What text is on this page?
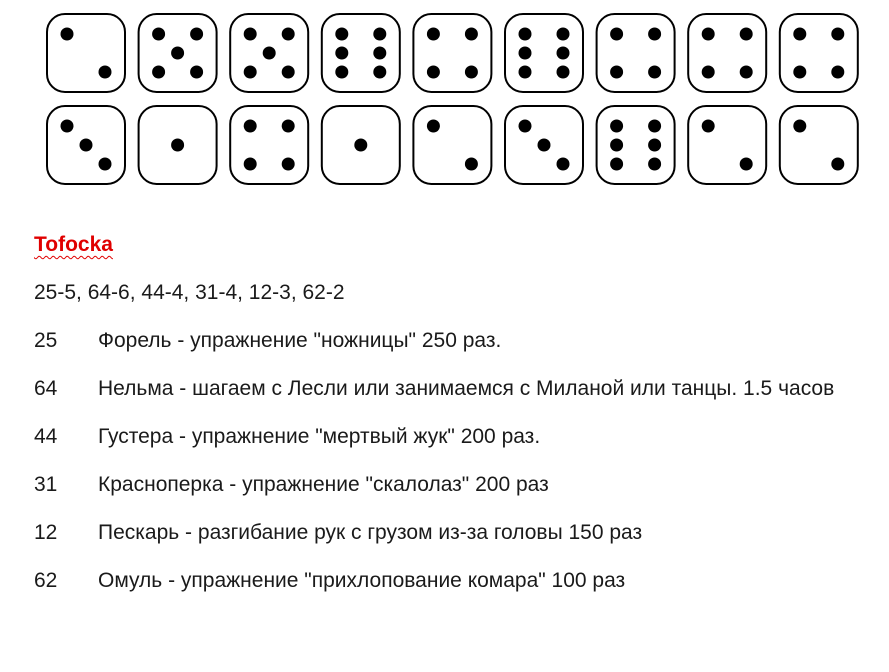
Tofocka
25-5, 64-6, 44-4, 31-4, 12-3, 62-2
25 Форель - упражнение "ножницы" 250 раз.
64 Нельма - шагаем с Лесли или занимаемся с Миланой или танцы. 1.5 часов
44 Густера - упражнение "мертвый жук" 200 раз.
31 Красноперка - упражнение "скалолаз" 200 раз
12 Пескарь - разгибание рук с грузом из-за головы 150 раз
62 Омуль - упражнение "прихлопование комара" 100 раз
